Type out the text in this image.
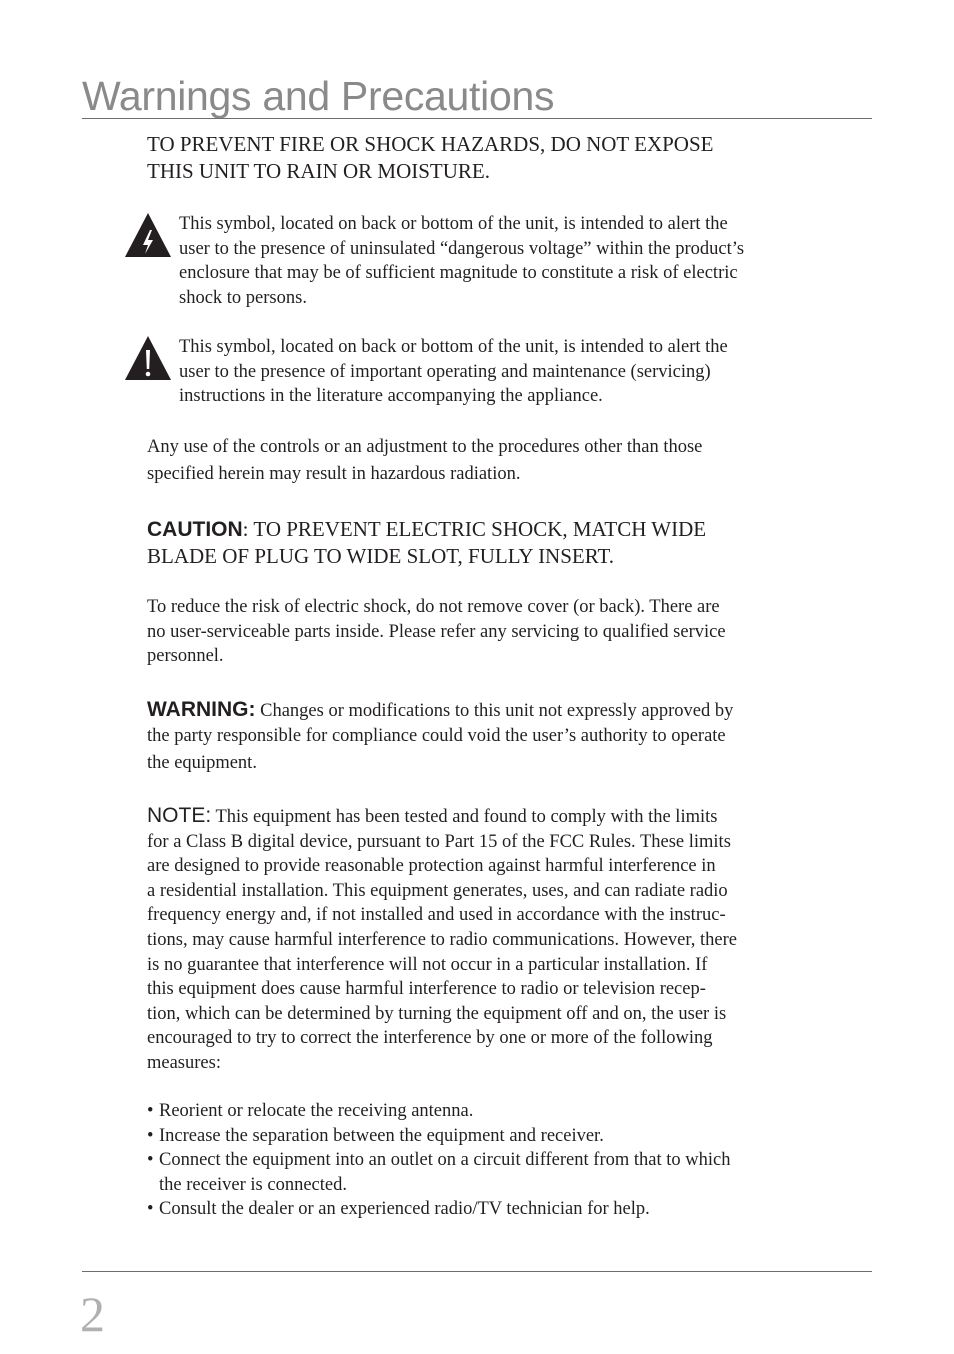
Warnings and Precautions
TO PREVENT FIRE OR SHOCK HAZARDS, DO NOT EXPOSE
THIS UNIT TO RAIN OR MOISTURE.
This symbol, located on back or bottom of the unit, is intended to alert the
user to the presence of uninsulated “dangerous voltage” within the product’s
enclosure that may be of sufficient magnitude to constitute a risk of electric
shock to persons.
This symbol, located on back or bottom of the unit, is intended to alert the
user to the presence of important operating and maintenance (servicing)
instructions in the literature accompanying the appliance.
Any use of the controls or an adjustment to the procedures other than those
specified herein may result in hazardous radiation.
CAUTION: TO PREVENT ELECTRIC SHOCK, MATCH WIDE
BLADE OF PLUG TO WIDE SLOT, FULLY INSERT.
To reduce the risk of electric shock, do not remove cover (or back). There are
no user-serviceable parts inside. Please refer any servicing to qualified service
personnel.
WARNING: Changes or modifications to this unit not expressly approved by
the party responsible for compliance could void the user’s authority to operate
the equipment.
NOTE: This equipment has been tested and found to comply with the limits
for a Class B digital device, pursuant to Part 15 of the FCC Rules. These limits
are designed to provide reasonable protection against harmful interference in
a residential installation. This equipment generates, uses, and can radiate radio
frequency energy and, if not installed and used in accordance with the instruc-
tions, may cause harmful interference to radio communications. However, there
is no guarantee that interference will not occur in a particular installation. If
this equipment does cause harmful interference to radio or television recep-
tion, which can be determined by turning the equipment off and on, the user is
encouraged to try to correct the interference by one or more of the following
measures:
• Reorient or relocate the receiving antenna.
• Increase the separation between the equipment and receiver.
• Connect the equipment into an outlet on a circuit different from that to which
the receiver is connected.
• Consult the dealer or an experienced radio/TV technician for help.
2
